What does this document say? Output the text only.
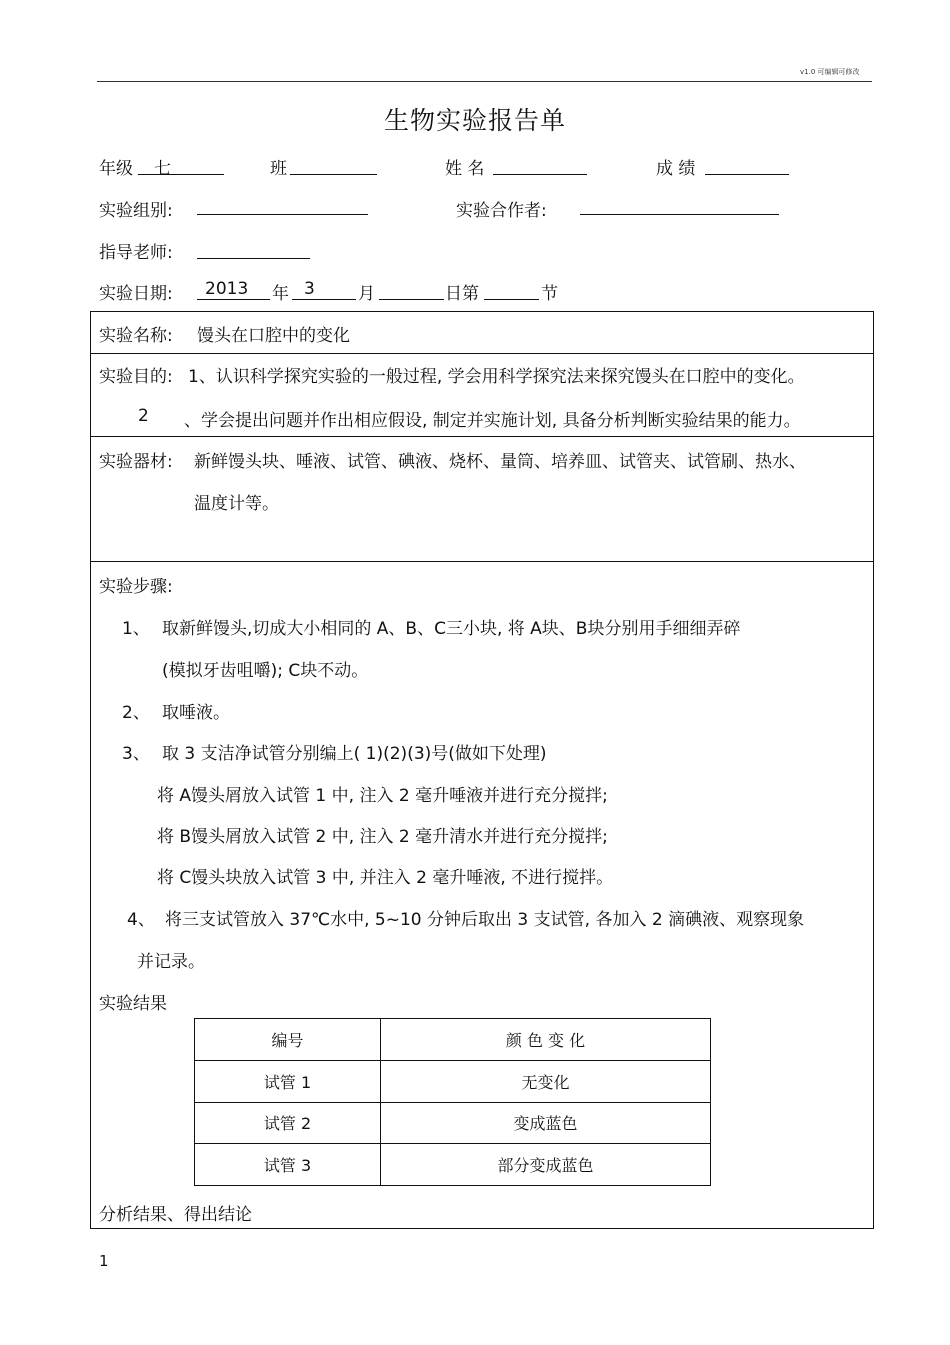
v1.0 可编辑可修改
生物实验报告单
年级 七	班	姓 名	成 绩
实验组别:	实验合作者:
指导老师:
实验日期: 2013 年 3	月	日第	节
实验名称: 馒头在口腔中的变化
实验目的: 1、认识科学探究实验的一般过程, 学会用科学探究法来探究馒头在口腔中的变化。
2 、学会提出问题并作出相应假设, 制定并实施计划, 具备分析判断实验结果的能力。
实验器材: 新鲜馒头块、唾液、试管、碘液、烧杯、量筒、培养皿、试管夹、试管刷、热水、
温度计等。
实验步骤:
1、 取新鲜馒头,切成大小相同的 A、B、C三小块, 将 A块、B块分别用手细细弄碎
(模拟牙齿咀嚼); C块不动。
2、 取唾液。
3、 取 3 支洁净试管分别编上( 1)(2)(3)号(做如下处理)
将 A馒头屑放入试管 1 中, 注入 2 毫升唾液并进行充分搅拌;
将 B馒头屑放入试管 2 中, 注入 2 毫升清水并进行充分搅拌;
将 C馒头块放入试管 3 中, 并注入 2 毫升唾液, 不进行搅拌。
4、 将三支试管放入 37℃水中, 5~10 分钟后取出 3 支试管, 各加入 2 滴碘液、观察现象
并记录。
实验结果
编号	颜 色 变 化
试管 1	无变化
试管 2	变成蓝色
试管 3	部分变成蓝色
分析结果、得出结论
1
